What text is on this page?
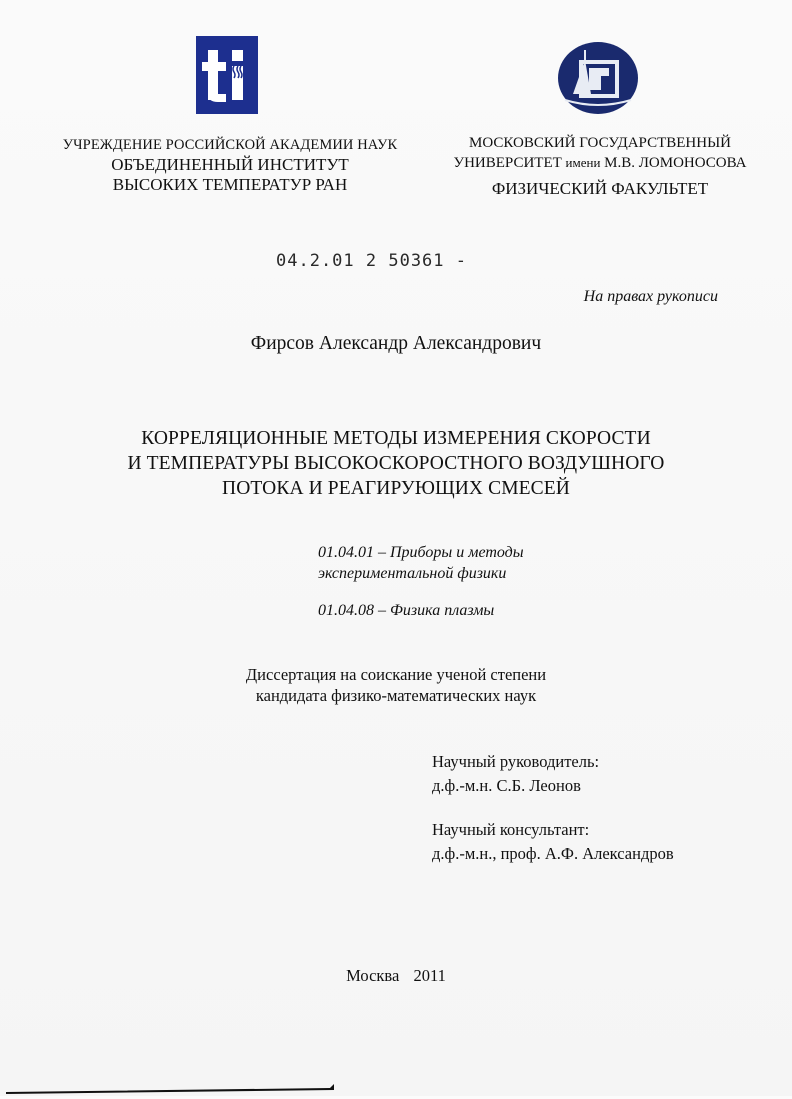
УЧРЕЖДЕНИЕ РОССИЙСКОЙ АКАДЕМИИ НАУК
ОБЪЕДИНЕННЫЙ ИНСТИТУТ
ВЫСОКИХ ТЕМПЕРАТУР РАН
МОСКОВСКИЙ ГОСУДАРСТВЕННЫЙ
УНИВЕРСИТЕТ имени М.В. ЛОМОНОСОВА
ФИЗИЧЕСКИЙ ФАКУЛЬТЕТ
04.2.01 2 50361 -
На правах рукописи
Фирсов Александр Александрович
КОРРЕЛЯЦИОННЫЕ МЕТОДЫ ИЗМЕРЕНИЯ СКОРОСТИ
И ТЕМПЕРАТУРЫ ВЫСОКОСКОРОСТНОГО ВОЗДУШНОГО
ПОТОКА И РЕАГИРУЮЩИХ СМЕСЕЙ
01.04.01 – Приборы и методы
экспериментальной физики
01.04.08 – Физика плазмы
Диссертация на соискание ученой степени
кандидата физико-математических наук
Научный руководитель:
д.ф.-м.н. С.Б. Леонов
Научный консультант:
д.ф.-м.н., проф. А.Ф. Александров
Москва 2011
